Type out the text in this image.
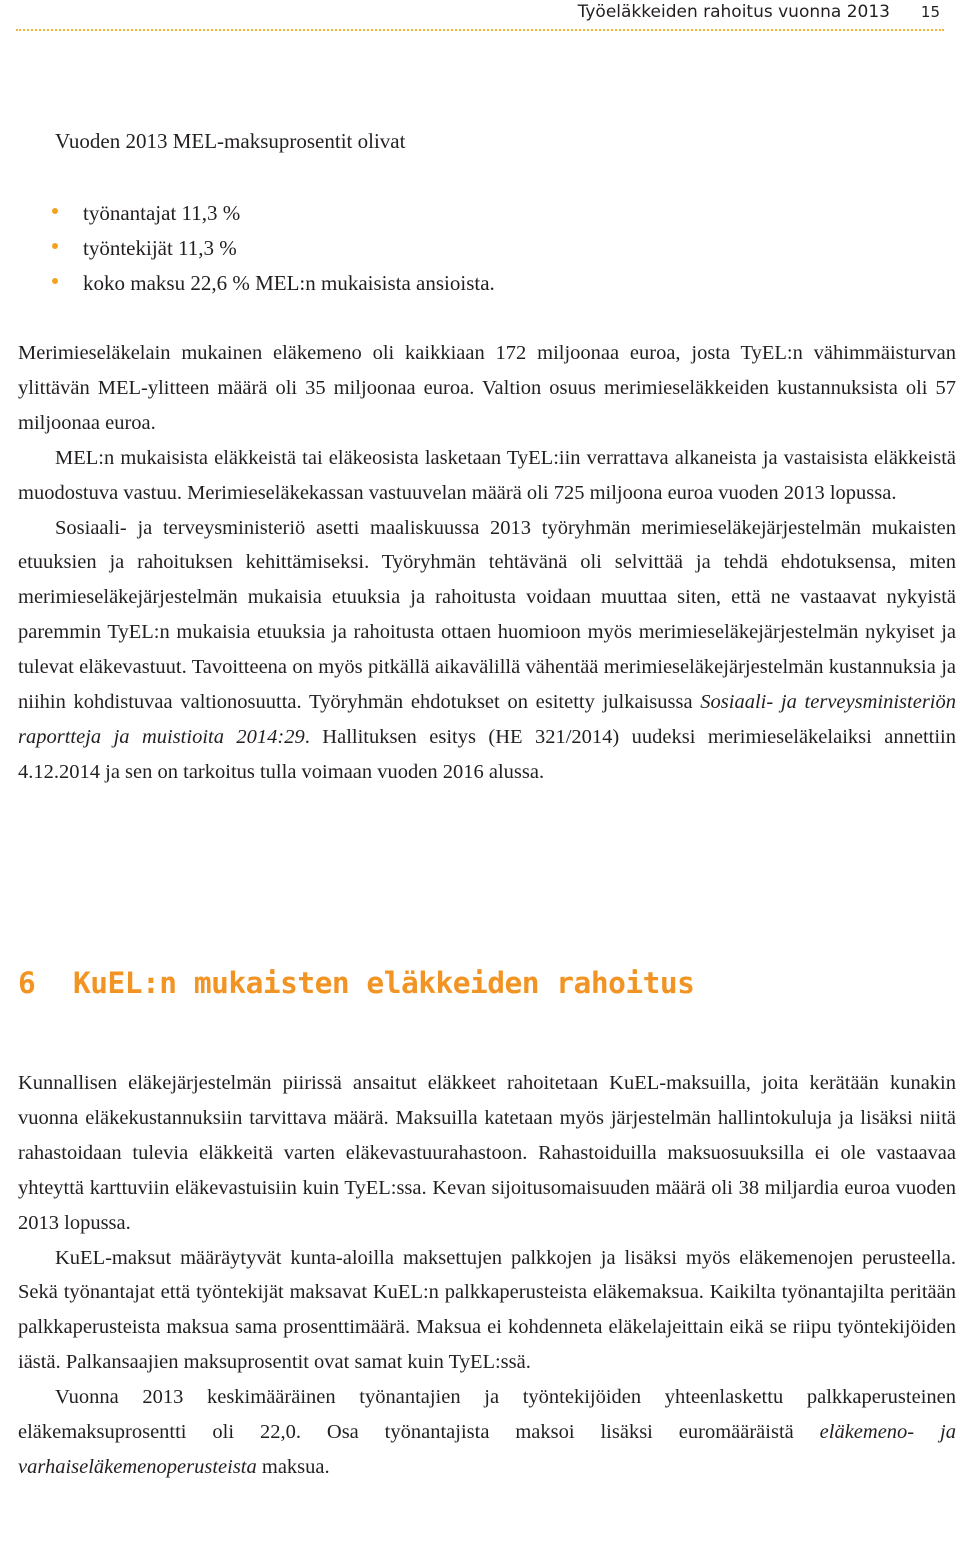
Työeläkkeiden rahoitus vuonna 2013 15
Vuoden 2013 MEL-maksuprosentit olivat
työnantajat 11,3 %
työntekijät 11,3 %
koko maksu 22,6 % MEL:n mukaisista ansioista.

Merimieseläkelain mukainen eläkemeno oli kaikkiaan 172 miljoonaa euroa, josta TyEL:n vähimmäisturvan ylittävän MEL-ylitteen määrä oli 35 miljoonaa euroa. Valtion osuus merimieseläkkeiden kustannuksista oli 57 miljoonaa euroa.

MEL:n mukaisista eläkkeistä tai eläkeosista lasketaan TyEL:iin verrattava alkaneista ja vastaisista eläkkeistä muodostuva vastuu. Merimieseläkekassan vastuuvelan määrä oli 725 miljoona euroa vuoden 2013 lopussa.

Sosiaali- ja terveysministeriö asetti maaliskuussa 2013 työryhmän merimieseläkejärjestelmän mukaisten etuuksien ja rahoituksen kehittämiseksi. Työryhmän tehtävänä oli selvittää ja tehdä ehdotuksensa, miten merimieseläkejärjestelmän mukaisia etuuksia ja rahoitusta voidaan muuttaa siten, että ne vastaavat nykyistä paremmin TyEL:n mukaisia etuuksia ja rahoitusta ottaen huomioon myös merimieseläkejärjestelmän nykyiset ja tulevat eläkevastuut. Tavoitteena on myös pitkällä aikavälillä vähentää merimieseläkejärjestelmän kustannuksia ja niihin kohdistuvaa valtionosuutta. Työryhmän ehdotukset on esitetty julkaisussa Sosiaali- ja terveysministeriön raportteja ja muistioita 2014:29. Hallituksen esitys (HE 321/2014) uudeksi merimieseläkelaiksi annettiin 4.12.2014 ja sen on tarkoitus tulla voimaan vuoden 2016 alussa.

6 KuEL:n mukaisten eläkkeiden rahoitus

Kunnallisen eläkejärjestelmän piirissä ansaitut eläkkeet rahoitetaan KuEL-maksuilla, joita kerätään kunakin vuonna eläkekustannuksiin tarvittava määrä. Maksuilla katetaan myös järjestelmän hallintokuluja ja lisäksi niitä rahastoidaan tulevia eläkkeitä varten eläkevastuurahastoon. Rahastoiduilla maksuosuuksilla ei ole vastaavaa yhteyttä karttuviin eläkevastuisiin kuin TyEL:ssa. Kevan sijoitusomaisuuden määrä oli 38 miljardia euroa vuoden 2013 lopussa.

KuEL-maksut määräytyvät kunta-aloilla maksettujen palkkojen ja lisäksi myös eläkemenojen perusteella. Sekä työnantajat että työntekijät maksavat KuEL:n palkkaperusteista eläkemaksua. Kaikilta työnantajilta peritään palkkaperusteista maksua sama prosenttimäärä. Maksua ei kohdenneta eläkelajeittain eikä se riipu työntekijöiden iästä. Palkansaajien maksuprosentit ovat samat kuin TyEL:ssä.

Vuonna 2013 keskimääräinen työnantajien ja työntekijöiden yhteenlaskettu palkkaperusteinen eläkemaksuprosentti oli 22,0. Osa työnantajista maksoi lisäksi euromääräistä eläkemeno- ja varhaiseläkemenoperusteista maksua.
